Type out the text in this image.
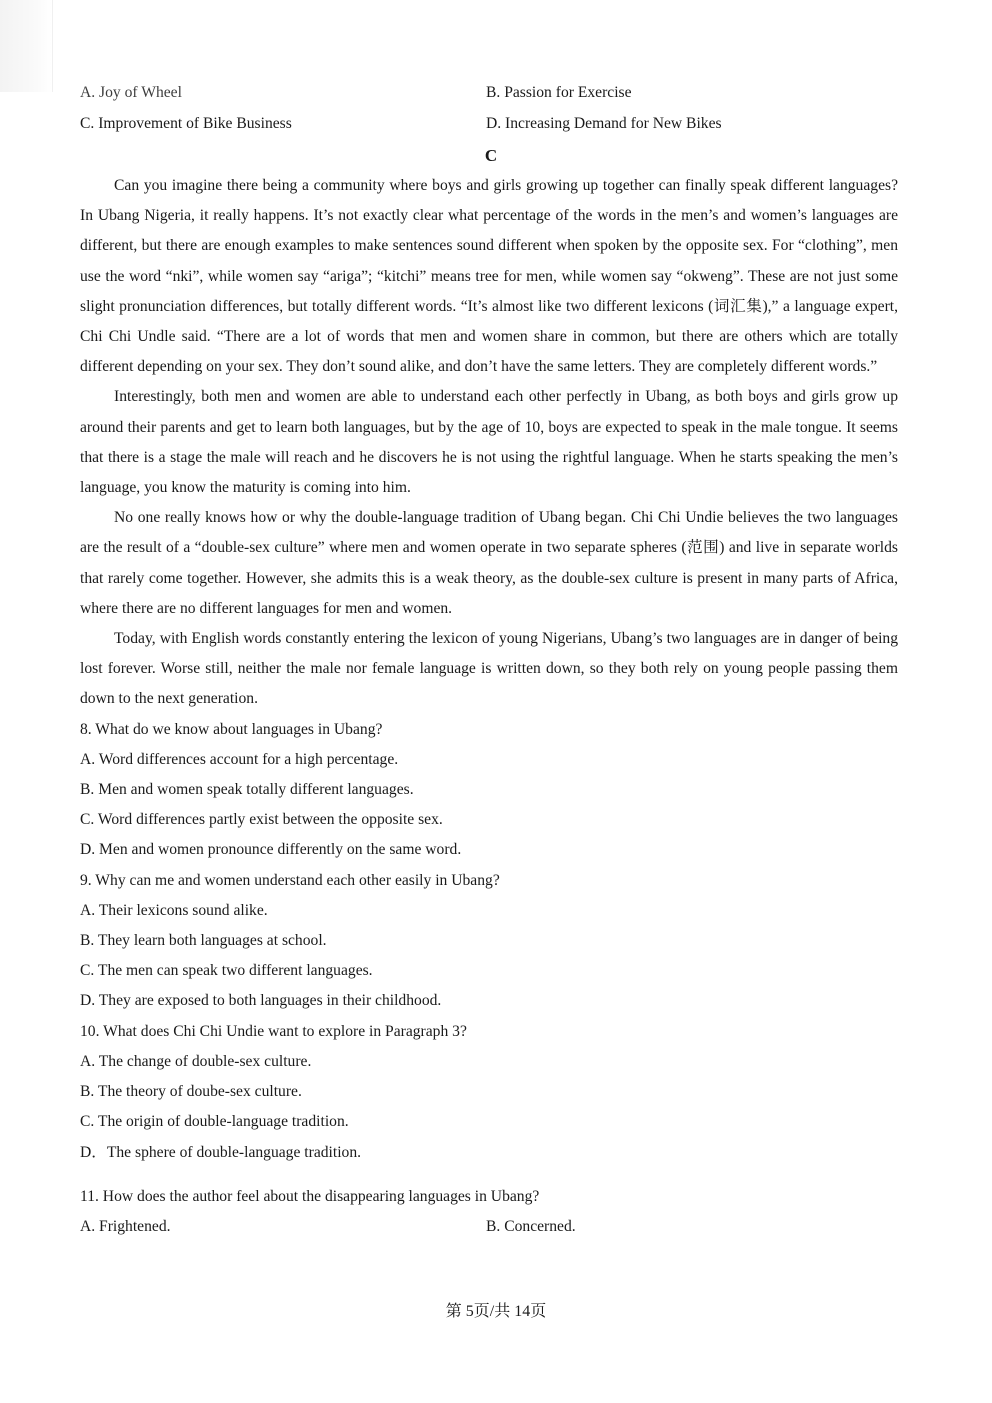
A. Joy of Wheel	B. Passion for Exercise
C. Improvement of Bike Business	D. Increasing Demand for New Bikes
C

Can you imagine there being a community where boys and girls growing up together can finally speak different languages? In Ubang Nigeria, it really happens. It’s not exactly clear what percentage of the words in the men’s and women’s languages are different, but there are enough examples to make sentences sound different when spoken by the opposite sex. For “clothing”, men use the word “nki”, while women say “ariga”; “kitchi” means tree for men, while women say “okweng”. These are not just some slight pronunciation differences, but totally different words. “It’s almost like two different lexicons (词汇集),” a language expert, Chi Chi Undle said. “There are a lot of words that men and women share in common, but there are others which are totally different depending on your sex. They don’t sound alike, and don’t have the same letters. They are completely different words.”

Interestingly, both men and women are able to understand each other perfectly in Ubang, as both boys and girls grow up around their parents and get to learn both languages, but by the age of 10, boys are expected to speak in the male tongue. It seems that there is a stage the male will reach and he discovers he is not using the rightful language. When he starts speaking the men’s language, you know the maturity is coming into him.

No one really knows how or why the double-language tradition of Ubang began. Chi Chi Undie believes the two languages are the result of a “double-sex culture” where men and women operate in two separate spheres (范围) and live in separate worlds that rarely come together. However, she admits this is a weak theory, as the double-sex culture is present in many parts of Africa, where there are no different languages for men and women.

Today, with English words constantly entering the lexicon of young Nigerians, Ubang’s two languages are in danger of being lost forever. Worse still, neither the male nor female language is written down, so they both rely on young people passing them down to the next generation.

8. What do we know about languages in Ubang?

A. Word differences account for a high percentage.

B. Men and women speak totally different languages.

C. Word differences partly exist between the opposite sex.

D. Men and women pronounce differently on the same word.

9. Why can me and women understand each other easily in Ubang?

A. Their lexicons sound alike.

B. They learn both languages at school.

C. The men can speak two different languages.

D. They are exposed to both languages in their childhood.

10. What does Chi Chi Undie want to explore in Paragraph 3?

A. The change of double-sex culture.

B. The theory of doube-sex culture.

C. The origin of double-language tradition.

D．The sphere of double-language tradition.

11. How does the author feel about the disappearing languages in Ubang?

A. Frightened.	B. Concerned.
第 5页/共 14页
